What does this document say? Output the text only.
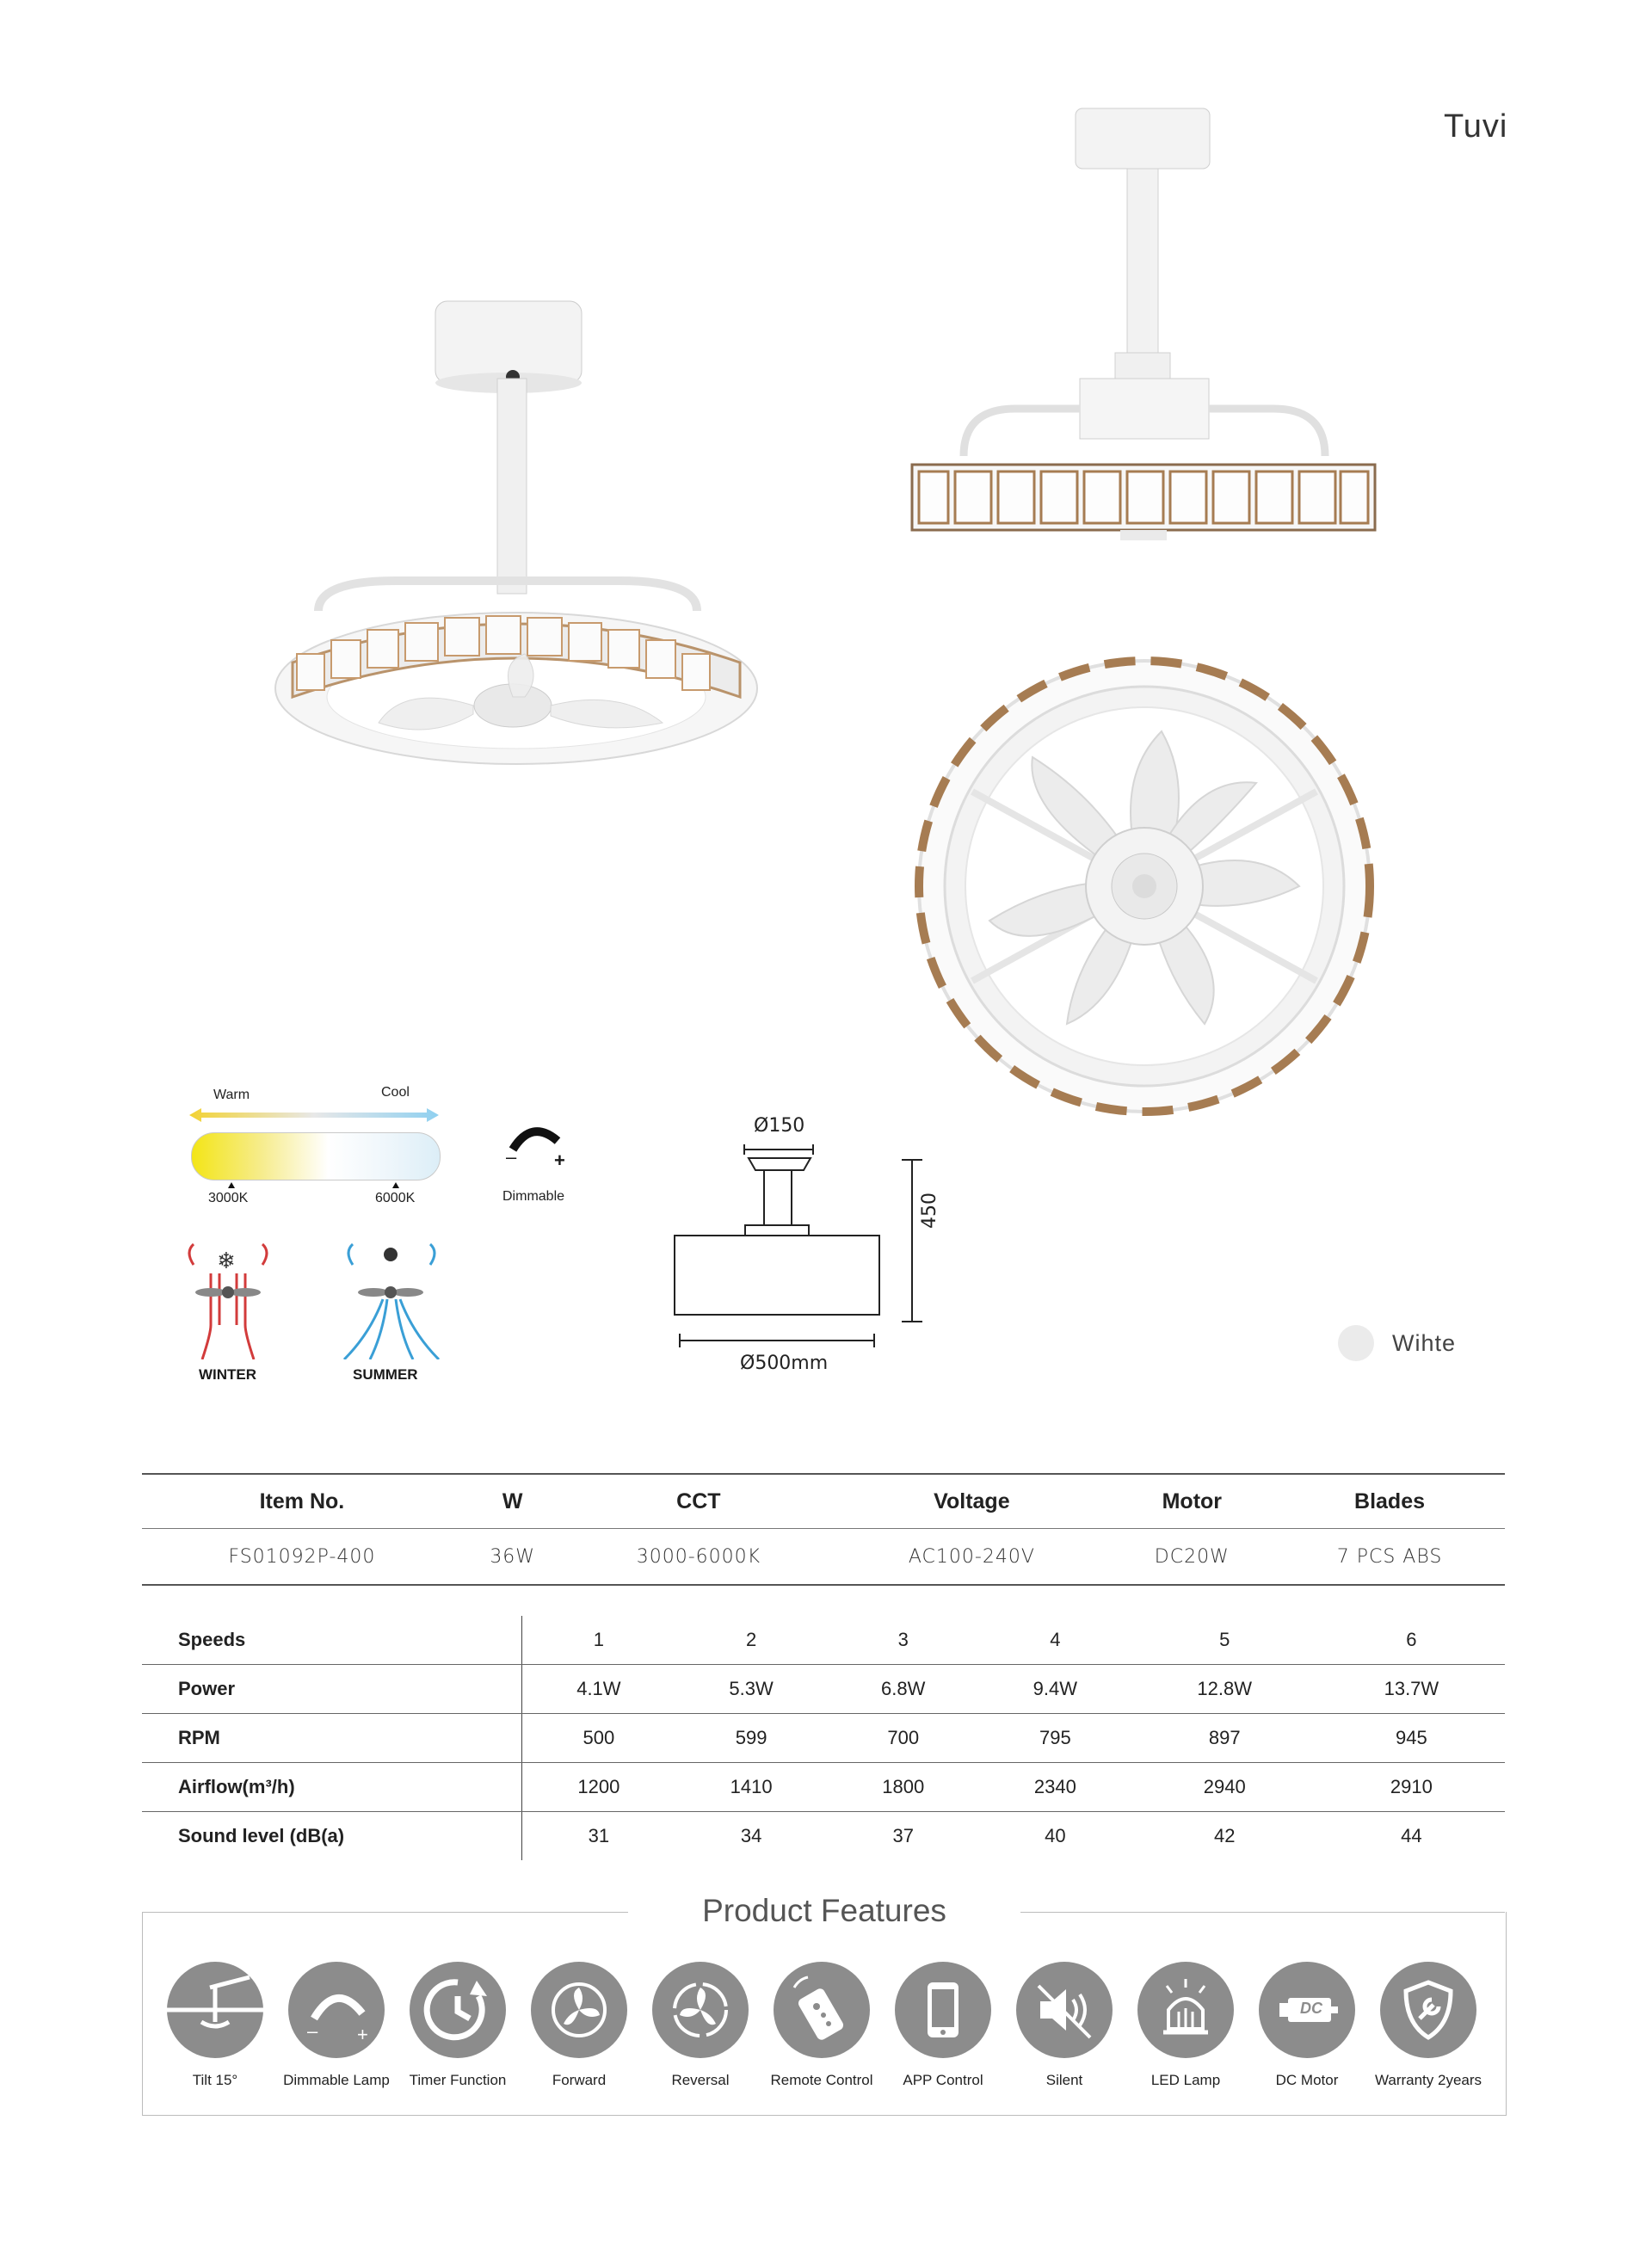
Tuvi
Warm	Cool
3000K	6000K
– +
Dimmable
❄
WINTER	SUMMER
Ø150
450
Ø500mm
Wihte
Item No.	W	CCT	Voltage	Motor	Blades
FS01092P-400	36W	3000-6000K	AC100-240V	DC20W	7 PCS ABS
Speeds	1	2	3	4	5	6
Power	4.1W	5.3W	6.8W	9.4W	12.8W	13.7W
RPM	500	599	700	795	897	945
Airflow(m³/h)	1200	1410	1800	2340	2940	2910
Sound level (dB(a)	31	34	37	40	42	44
Product Features
Tilt 15°
– +
Dimmable Lamp	Timer Function	Forward	Reversal	Remote Control	APP Control	Silent	LED Lamp
DC
DC Motor	Warranty 2years
